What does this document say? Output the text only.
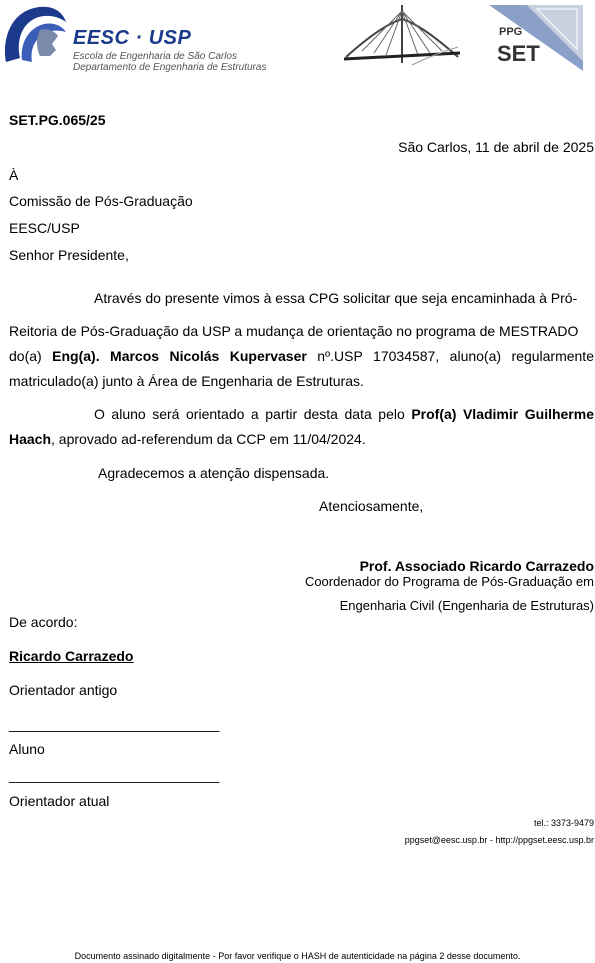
EESC · USP
Escola de Engenharia de São Carlos
Departamento de Engenharia de Estruturas
PPG
SET
SET.PG.065/25
São Carlos, 11 de abril de 2025
À
Comissão de Pós-Graduação
EESC/USP
Senhor Presidente,
Através do presente vimos à essa CPG solicitar que seja encaminhada à Pró-
Reitoria de Pós-Graduação da USP a mudança de orientação no programa de MESTRADO
do(a) Eng(a). Marcos Nicolás Kupervaser nº.USP 17034587, aluno(a) regularmente
matriculado(a) junto à Área de Engenharia de Estruturas.
O aluno será orientado a partir desta data pelo Prof(a) Vladimir Guilherme
Haach, aprovado ad-referendum da CCP em 11/04/2024.
Agradecemos a atenção dispensada.
Atenciosamente,
Prof. Associado Ricardo Carrazedo
Coordenador do Programa de Pós-Graduação em
Engenharia Civil (Engenharia de Estruturas)
De acordo:
Ricardo Carrazedo
Orientador antigo
___________________________
Aluno
___________________________
Orientador atual
tel.: 3373-9479
ppgset@eesc.usp.br - http://ppgset.eesc.usp.br
Documento assinado digitalmente - Por favor verifique o HASH de autenticidade na página 2 desse documento.
